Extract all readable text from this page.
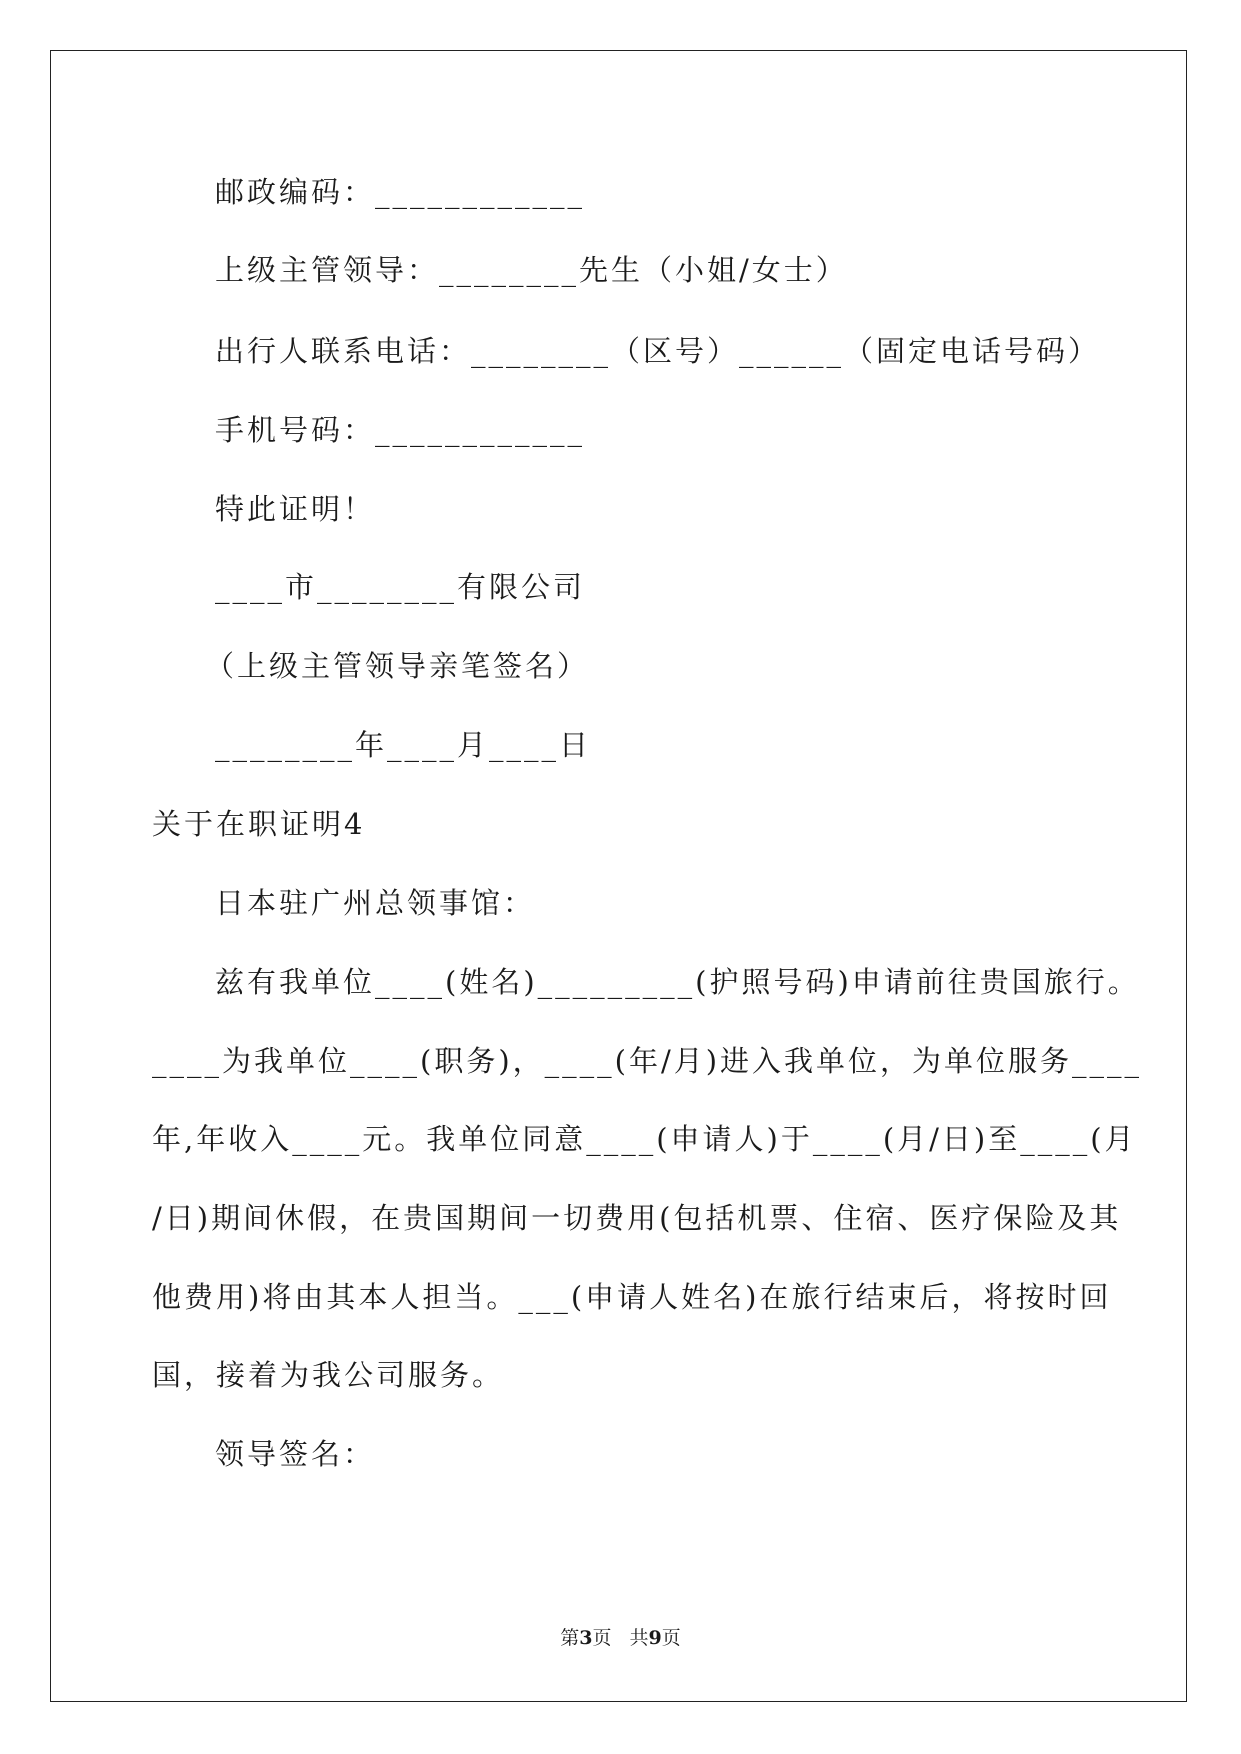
邮政编码：____________
上级主管领导：________先生（小姐/女士）
出行人联系电话：________（区号）______（固定电话号码）
手机号码：____________
特此证明！
____市________有限公司
（上级主管领导亲笔签名）
________年____月____日
关于在职证明4
日本驻广州总领事馆：
兹有我单位____(姓名)_________(护照号码)申请前往贵国旅行。
____为我单位____(职务)，____(年/月)进入我单位，为单位服务____
年,年收入____元。我单位同意____(申请人)于____(月/日)至____(月
/日)期间休假，在贵国期间一切费用(包括机票、住宿、医疗保险及其
他费用)将由其本人担当。___(申请人姓名)在旅行结束后，将按时回
国，接着为我公司服务。
领导签名：
第3页 共9页
